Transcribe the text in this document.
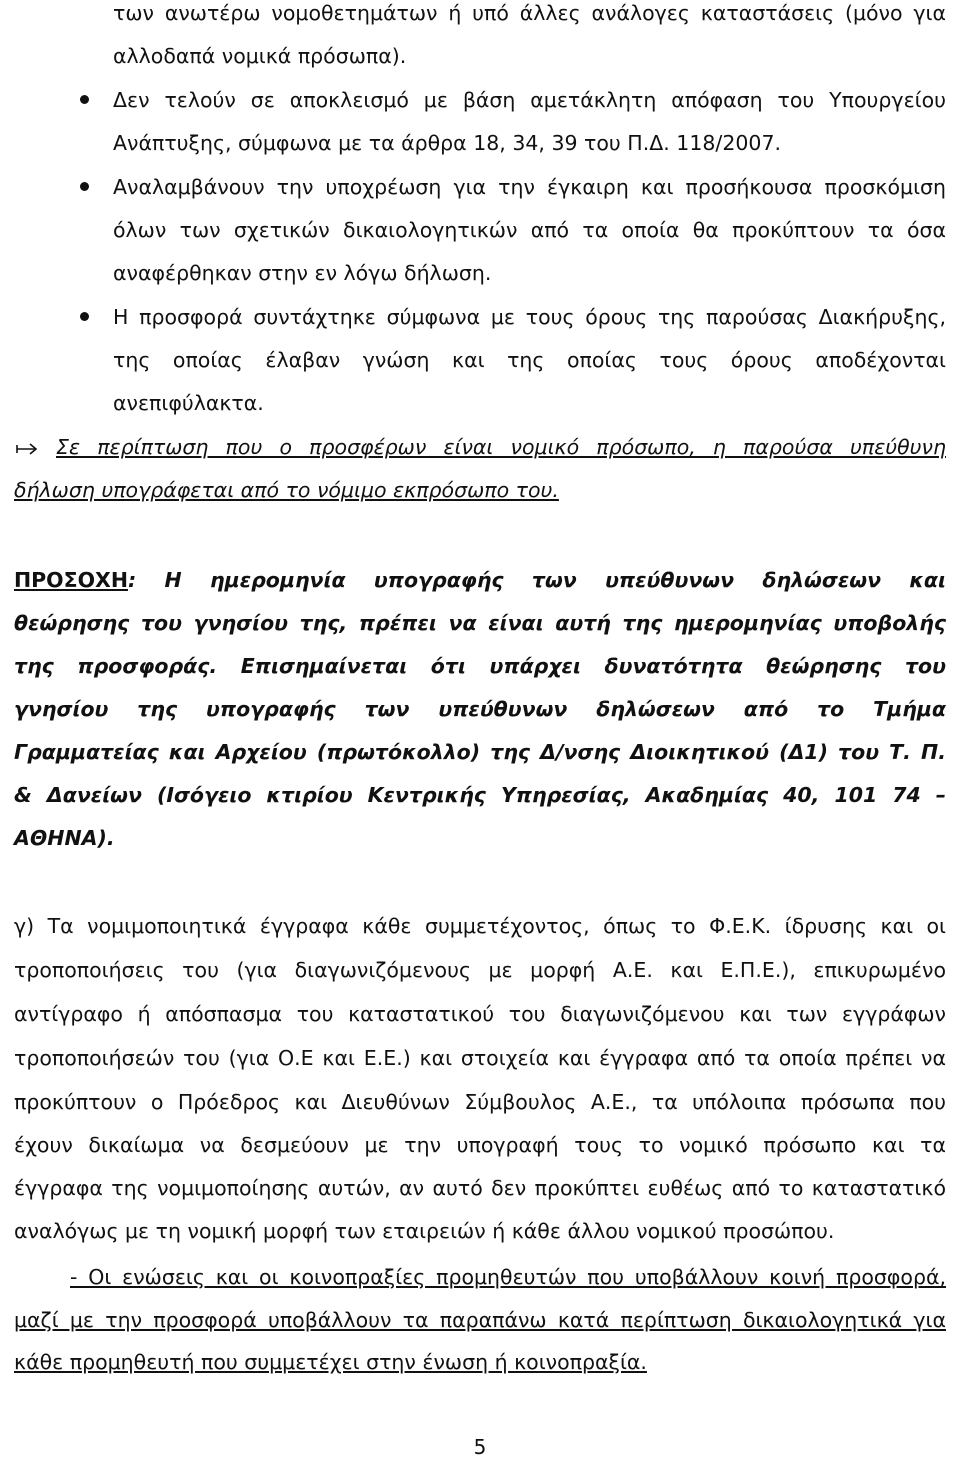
των ανωτέρω νομοθετημάτων ή υπό άλλες ανάλογες καταστάσεις (μόνο για

αλλοδαπά νομικά πρόσωπα).

Δεν τελούν σε αποκλεισμό με βάση αμετάκλητη απόφαση του Υπουργείου

Ανάπτυξης, σύμφωνα με τα άρθρα 18, 34, 39 του Π.Δ. 118/2007.

Αναλαμβάνουν την υποχρέωση για την έγκαιρη και προσήκουσα προσκόμιση

όλων των σχετικών δικαιολογητικών από τα οποία θα προκύπτουν τα όσα

αναφέρθηκαν στην εν λόγω δήλωση.

Η προσφορά συντάχτηκε σύμφωνα με τους όρους της παρούσας Διακήρυξης,

της οποίας έλαβαν γνώση και της οποίας τους όρους αποδέχονται

ανεπιφύλακτα.

Σε περίπτωση που ο προσφέρων είναι νομικό πρόσωπο, η παρούσα υπεύθυνη

δήλωση υπογράφεται από το νόμιμο εκπρόσωπο του.

ΠΡΟΣΟΧΗ: Η ημερομηνία υπογραφής των υπεύθυνων δηλώσεων και

θεώρησης του γνησίου της, πρέπει να είναι αυτή της ημερομηνίας υποβολής

της προσφοράς. Επισημαίνεται ότι υπάρχει δυνατότητα θεώρησης του

γνησίου της υπογραφής των υπεύθυνων δηλώσεων από το Τμήμα

Γραμματείας και Αρχείου (πρωτόκολλο) της Δ/νσης Διοικητικού (Δ1) του Τ. Π.

& Δανείων (Ισόγειο κτιρίου Κεντρικής Υπηρεσίας, Ακαδημίας 40, 101 74 –

ΑΘΗΝΑ).

γ) Τα νομιμοποιητικά έγγραφα κάθε συμμετέχοντος, όπως το Φ.Ε.Κ. ίδρυσης και οι

τροποποιήσεις του (για διαγωνιζόμενους με μορφή Α.Ε. και Ε.Π.Ε.), επικυρωμένο

αντίγραφο ή απόσπασμα του καταστατικού του διαγωνιζόμενου και των εγγράφων

τροποποιήσεών του (για Ο.Ε και Ε.Ε.) και στοιχεία και έγγραφα από τα οποία πρέπει να

προκύπτουν ο Πρόεδρος και Διευθύνων Σύμβουλος Α.Ε., τα υπόλοιπα πρόσωπα που

έχουν δικαίωμα να δεσμεύουν με την υπογραφή τους το νομικό πρόσωπο και τα

έγγραφα της νομιμοποίησης αυτών, αν αυτό δεν προκύπτει ευθέως από το καταστατικό

αναλόγως με τη νομική μορφή των εταιρειών ή κάθε άλλου νομικού προσώπου.

- Οι ενώσεις και οι κοινοπραξίες προμηθευτών που υποβάλλουν κοινή προσφορά,

μαζί με την προσφορά υποβάλλουν τα παραπάνω κατά περίπτωση δικαιολογητικά για

κάθε προμηθευτή που συμμετέχει στην ένωση ή κοινοπραξία.

5
